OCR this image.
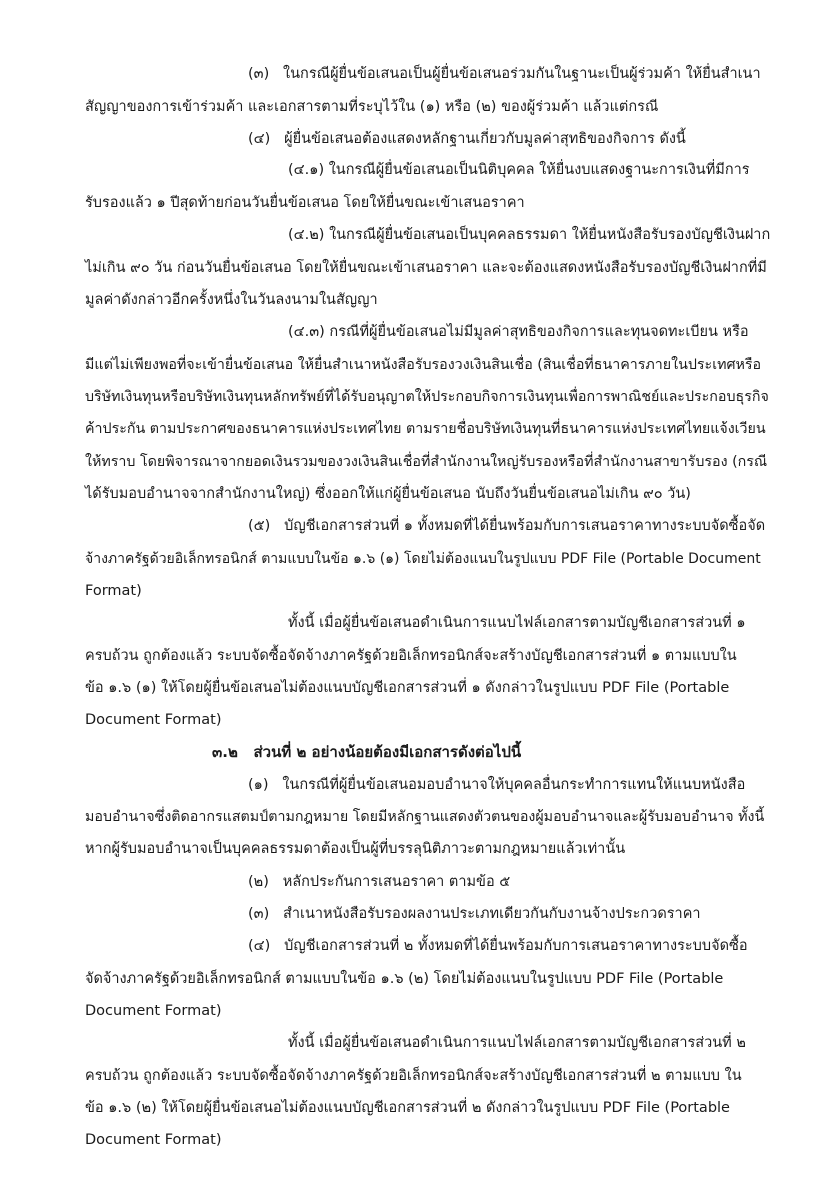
(๓)   ในกรณีผู้ยื่นข้อเสนอเป็นผู้ยื่นข้อเสนอร่วมกันในฐานะเป็นผู้ร่วมค้า ให้ยื่นสำเนา
สัญญาของการเข้าร่วมค้า และเอกสารตามที่ระบุไว้ใน (๑) หรือ (๒) ของผู้ร่วมค้า แล้วแต่กรณี
(๔)   ผู้ยื่นข้อเสนอต้องแสดงหลักฐานเกี่ยวกับมูลค่าสุทธิของกิจการ ดังนี้
(๔.๑) ในกรณีผู้ยื่นข้อเสนอเป็นนิติบุคคล ให้ยื่นงบแสดงฐานะการเงินที่มีการ
รับรองแล้ว ๑ ปีสุดท้ายก่อนวันยื่นข้อเสนอ โดยให้ยื่นขณะเข้าเสนอราคา
(๔.๒) ในกรณีผู้ยื่นข้อเสนอเป็นบุคคลธรรมดา ให้ยื่นหนังสือรับรองบัญชีเงินฝาก
ไม่เกิน ๙๐ วัน ก่อนวันยื่นข้อเสนอ โดยให้ยื่นขณะเข้าเสนอราคา และจะต้องแสดงหนังสือรับรองบัญชีเงินฝากที่มี
มูลค่าดังกล่าวอีกครั้งหนึ่งในวันลงนามในสัญญา
(๔.๓) กรณีที่ผู้ยื่นข้อเสนอไม่มีมูลค่าสุทธิของกิจการและทุนจดทะเบียน หรือ
มีแต่ไม่เพียงพอที่จะเข้ายื่นข้อเสนอ ให้ยื่นสำเนาหนังสือรับรองวงเงินสินเชื่อ (สินเชื่อที่ธนาคารภายในประเทศหรือ
บริษัทเงินทุนหรือบริษัทเงินทุนหลักทรัพย์ที่ได้รับอนุญาตให้ประกอบกิจการเงินทุนเพื่อการพาณิชย์และประกอบธุรกิจ
ค้าประกัน ตามประกาศของธนาคารแห่งประเทศไทย ตามรายชื่อบริษัทเงินทุนที่ธนาคารแห่งประเทศไทยแจ้งเวียน
ให้ทราบ โดยพิจารณาจากยอดเงินรวมของวงเงินสินเชื่อที่สำนักงานใหญ่รับรองหรือที่สำนักงานสาขารับรอง (กรณี
ได้รับมอบอำนาจจากสำนักงานใหญ่) ซึ่งออกให้แก่ผู้ยื่นข้อเสนอ นับถึงวันยื่นข้อเสนอไม่เกิน ๙๐ วัน)
(๕)   บัญชีเอกสารส่วนที่ ๑ ทั้งหมดที่ได้ยื่นพร้อมกับการเสนอราคาทางระบบจัดซื้อจัด
จ้างภาครัฐด้วยอิเล็กทรอนิกส์ ตามแบบในข้อ ๑.๖ (๑) โดยไม่ต้องแนบในรูปแบบ PDF File (Portable Document
Format)
ทั้งนี้ เมื่อผู้ยื่นข้อเสนอดำเนินการแนบไฟล์เอกสารตามบัญชีเอกสารส่วนที่ ๑
ครบถ้วน ถูกต้องแล้ว ระบบจัดซื้อจัดจ้างภาครัฐด้วยอิเล็กทรอนิกส์จะสร้างบัญชีเอกสารส่วนที่ ๑ ตามแบบใน
ข้อ ๑.๖ (๑) ให้โดยผู้ยื่นข้อเสนอไม่ต้องแนบบัญชีเอกสารส่วนที่ ๑ ดังกล่าวในรูปแบบ PDF File (Portable
Document Format)
๓.๒   ส่วนที่ ๒ อย่างน้อยต้องมีเอกสารดังต่อไปนี้
(๑)   ในกรณีที่ผู้ยื่นข้อเสนอมอบอำนาจให้บุคคลอื่นกระทำการแทนให้แนบหนังสือ
มอบอำนาจซึ่งติดอากรแสตมป์ตามกฎหมาย โดยมีหลักฐานแสดงตัวตนของผู้มอบอำนาจและผู้รับมอบอำนาจ ทั้งนี้
หากผู้รับมอบอำนาจเป็นบุคคลธรรมดาต้องเป็นผู้ที่บรรลุนิติภาวะตามกฎหมายแล้วเท่านั้น
(๒)   หลักประกันการเสนอราคา ตามข้อ ๕
(๓)   สำเนาหนังสือรับรองผลงานประเภทเดียวกันกับงานจ้างประกวดราคา
(๔)   บัญชีเอกสารส่วนที่ ๒ ทั้งหมดที่ได้ยื่นพร้อมกับการเสนอราคาทางระบบจัดซื้อ
จัดจ้างภาครัฐด้วยอิเล็กทรอนิกส์ ตามแบบในข้อ ๑.๖ (๒) โดยไม่ต้องแนบในรูปแบบ PDF File (Portable
Document Format)
ทั้งนี้ เมื่อผู้ยื่นข้อเสนอดำเนินการแนบไฟล์เอกสารตามบัญชีเอกสารส่วนที่ ๒
ครบถ้วน ถูกต้องแล้ว ระบบจัดซื้อจัดจ้างภาครัฐด้วยอิเล็กทรอนิกส์จะสร้างบัญชีเอกสารส่วนที่ ๒ ตามแบบ ใน
ข้อ ๑.๖ (๒) ให้โดยผู้ยื่นข้อเสนอไม่ต้องแนบบัญชีเอกสารส่วนที่ ๒ ดังกล่าวในรูปแบบ PDF File (Portable
Document Format)
